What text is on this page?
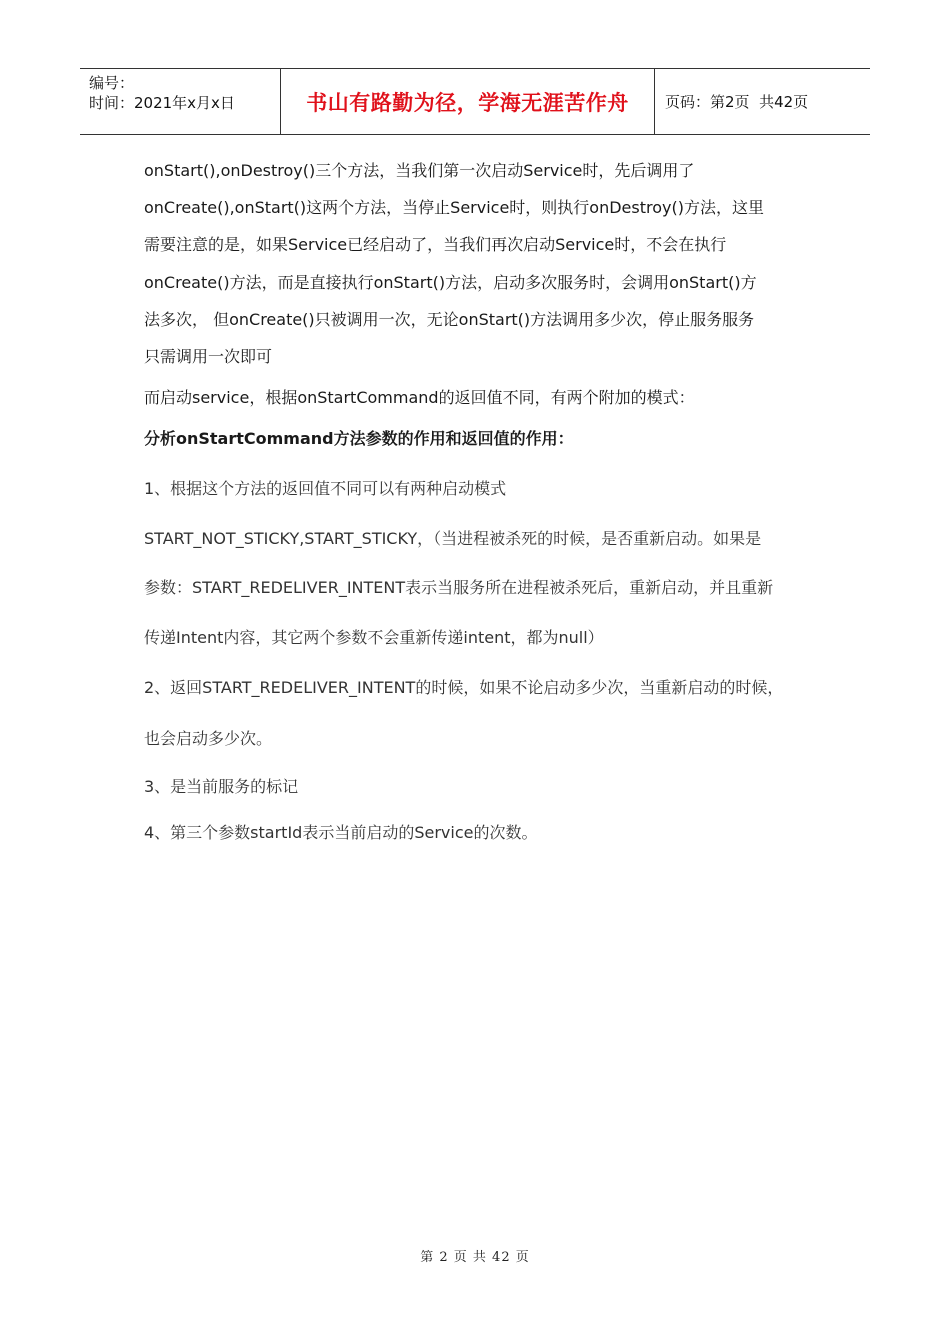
编号：
时间：2021年x月x日	书山有路勤为径，学海无涯苦作舟 页码：第2页  共42页
onStart(),onDestroy()三个方法，当我们第一次启动Service时，先后调用了
onCreate(),onStart()这两个方法，当停止Service时，则执行onDestroy()方法，这里
需要注意的是，如果Service已经启动了，当我们再次启动Service时，不会在执行
onCreate()方法，而是直接执行onStart()方法，启动多次服务时，会调用onStart()方
法多次， 但onCreate()只被调用一次，无论onStart()方法调用多少次，停止服务服务
只需调用一次即可
而启动service，根据onStartCommand的返回值不同，有两个附加的模式：
分析onStartCommand方法参数的作用和返回值的作用：
1、根据这个方法的返回值不同可以有两种启动模式
START_NOT_STICKY,START_STICKY，（当进程被杀死的时候，是否重新启动。如果是
参数：START_REDELIVER_INTENT表示当服务所在进程被杀死后，重新启动，并且重新
传递Intent内容，其它两个参数不会重新传递intent，都为null）
2、返回START_REDELIVER_INTENT的时候，如果不论启动多少次，当重新启动的时候，
也会启动多少次。
3、是当前服务的标记
4、第三个参数startId表示当前启动的Service的次数。
第 2 页 共 42 页
